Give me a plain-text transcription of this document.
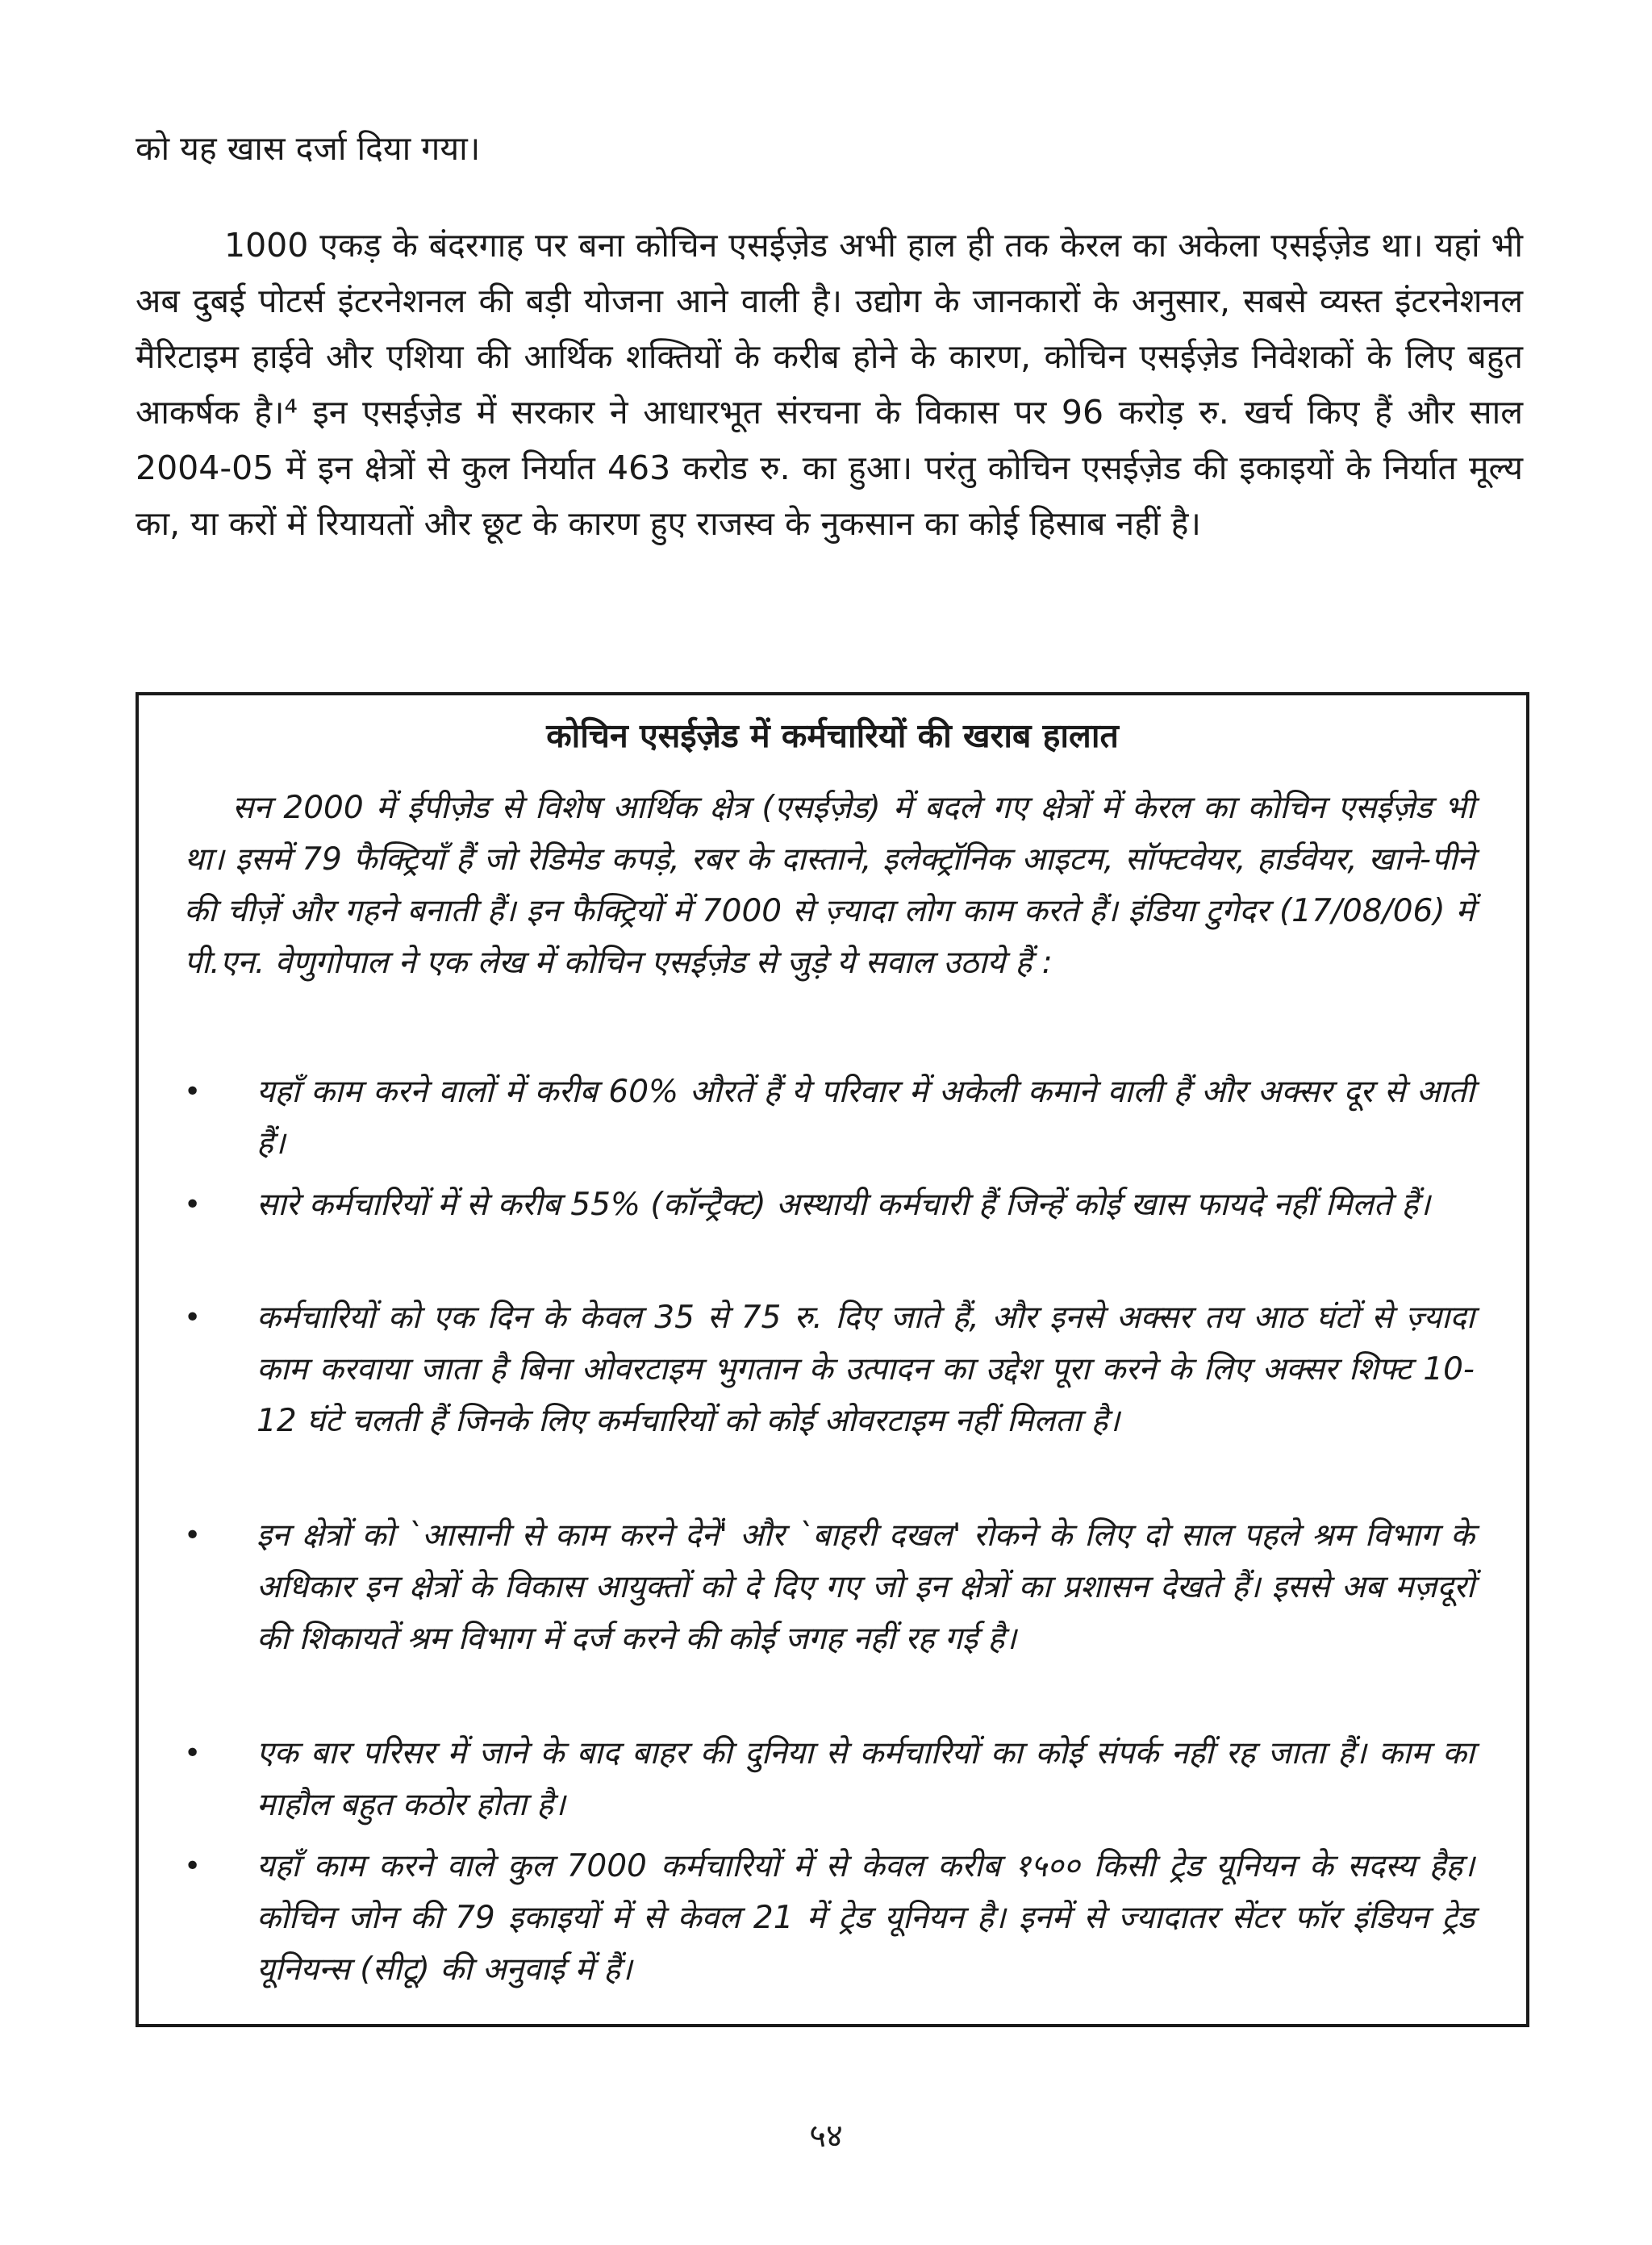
को यह खास दर्जा दिया गया।

1000 एकड़ के बंदरगाह पर बना कोचिन एसईज़ेड अभी हाल ही तक केरल का अकेला एसईज़ेड था। यहां भी अब दुबई पोटर्स इंटरनेशनल की बड़ी योजना आने वाली है। उद्योग के जानकारों के अनुसार, सबसे व्यस्त इंटरनेशनल मैरिटाइम हाईवे और एशिया की आर्थिक शक्तियों के करीब होने के कारण, कोचिन एसईज़ेड निवेशकों के लिए बहुत आकर्षक है।⁴ इन एसईज़ेड में सरकार ने आधारभूत संरचना के विकास पर 96 करोड़ रु. खर्च किए हैं और साल 2004-05 में इन क्षेत्रों से कुल निर्यात 463 करोड रु. का हुआ। परंतु कोचिन एसईज़ेड की इकाइयों के निर्यात मूल्य का, या करों में रियायतों और छूट के कारण हुए राजस्व के नुकसान का कोई हिसाब नहीं है।

कोचिन एसईज़ेड में कर्मचारियों की खराब हालात

सन 2000 में ईपीज़ेड से विशेष आर्थिक क्षेत्र (एसईज़ेड) में बदले गए क्षेत्रों में केरल का कोचिन एसईज़ेड भी था। इसमें 79 फैक्ट्रियाँ हैं जो रेडिमेड कपड़े, रबर के दास्ताने, इलेक्ट्रॉनिक आइटम, सॉफ्टवेयर, हार्डवेयर, खाने-पीने की चीज़ें और गहने बनाती हैं। इन फैक्ट्रियों में 7000 से ज़्यादा लोग काम करते हैं। इंडिया टुगेदर (17/08/06) में पी.एन. वेणुगोपाल ने एक लेख में कोचिन एसईज़ेड से जुड़े ये सवाल उठाये हैं :

•	यहाँ काम करने वालों में करीब 60% औरतें हैं ये परिवार में अकेली कमाने वाली हैं और अक्सर दूर से आती हैं।
•	सारे कर्मचारियों में से करीब 55% (कॉन्ट्रैक्ट) अस्थायी कर्मचारी हैं जिन्हें कोई खास फायदे नहीं मिलते हैं।
•	कर्मचारियों को एक दिन के केवल 35 से 75 रु. दिए जाते हैं, और इनसे अक्सर तय आठ घंटों से ज़्यादा काम करवाया जाता है बिना ओवरटाइम भुगतान के उत्पादन का उद्देश पूरा करने के लिए अक्सर शिफ्ट 10-12 घंटे चलती हैं जिनके लिए कर्मचारियों को कोई ओवरटाइम नहीं मिलता है।
•	इन क्षेत्रों को `आसानी से काम करने देनें' और `बाहरी दखल' रोकने के लिए दो साल पहले श्रम विभाग के अधिकार इन क्षेत्रों के विकास आयुक्तों को दे दिए गए जो इन क्षेत्रों का प्रशासन देखते हैं। इससे अब मज़दूरों की शिकायतें श्रम विभाग में दर्ज करने की कोई जगह नहीं रह गई है।
•	एक बार परिसर में जाने के बाद बाहर की दुनिया से कर्मचारियों का कोई संपर्क नहीं रह जाता हैं। काम का माहौल बहुत कठोर होता है।
•	यहाँ काम करने वाले कुल 7000 कर्मचारियों में से केवल करीब १५०० किसी ट्रेड यूनियन के सदस्य हैह। कोचिन जोन की 79 इकाइयों में से केवल 21 में ट्रेड यूनियन है। इनमें से ज्यादातर सेंटर फॉर इंडियन ट्रेड यूनियन्स (सीटू) की अनुवाई में हैं।

५४
